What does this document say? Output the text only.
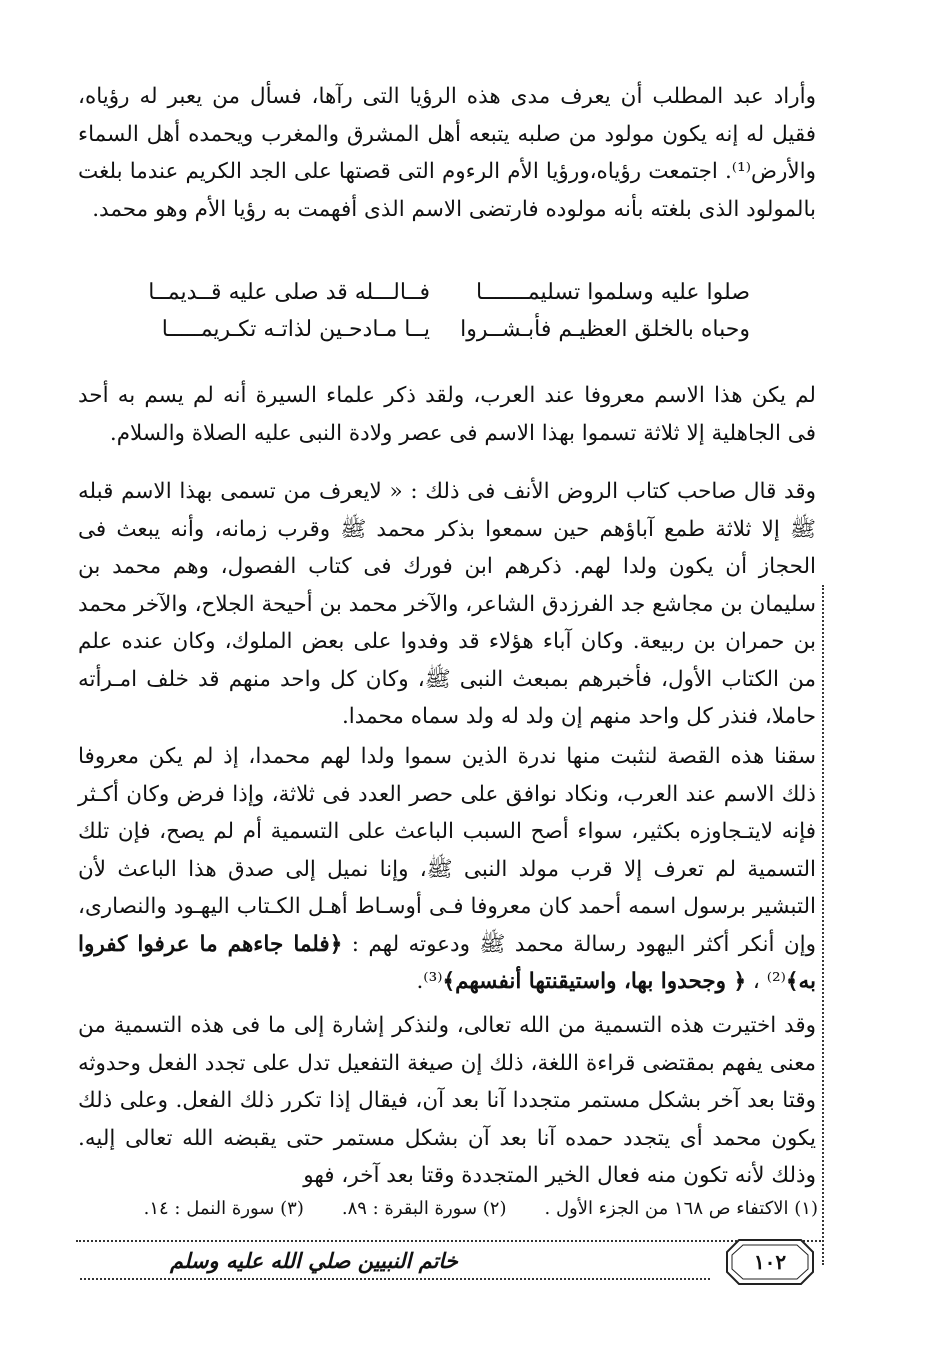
وأراد عبد المطلب أن يعرف مدى هذه الرؤيا التى رآها، فسأل من يعبر له رؤياه، فقيل له إنه يكون مولود من صلبه يتبعه أهل المشرق والمغرب ويحمده أهل السماء والأرض⁽¹⁾. اجتمعت رؤياه،ورؤيا الأم الرءوم التى قصتها على الجد الكريم عندما بلغت بالمولود الذى بلغته بأنه مولوده فارتضى الاسم الذى أفهمت به رؤيا الأم وهو محمد.

صلوا عليه وسلموا تسليمـــــــا
فــالـــله قد صلى عليه قــديمــا
وحباه بالخلق العظيـم فأبـشــروا
يــا مـادحـين لذاتـه تكـريمـــــا

لم يكن هذا الاسم معروفا عند العرب، ولقد ذكر علماء السيرة أنه لم يسم به أحد فى الجاهلية إلا ثلاثة تسموا بهذا الاسم فى عصر ولادة النبى عليه الصلاة والسلام.

وقد قال صاحب كتاب الروض الأنف فى ذلك : « لايعرف من تسمى بهذا الاسم قبله ﷺ إلا ثلاثة طمع آباؤهم حين سمعوا بذكر محمد ﷺ وقرب زمانه، وأنه يبعث فى الحجاز أن يكون ولدا لهم. ذكرهم ابن فورك فى كتاب الفصول، وهم محمد بن سليمان بن مجاشع جد الفرزدق الشاعر، والآخر محمد بن أحيحة الجلاح، والآخر محمد بن حمران بن ربيعة. وكان آباء هؤلاء قد وفدوا على بعض الملوك، وكان عنده علم من الكتاب الأول، فأخبرهم بمبعث النبى ﷺ، وكان كل واحد منهم قد خلف امـرأته حاملا، فنذر كل واحد منهم إن ولد له ولد سماه محمدا.

سقنا هذه القصة لنثبت منها ندرة الذين سموا ولدا لهم محمدا، إذ لم يكن معروفا ذلك الاسم عند العرب، ونكاد نوافق على حصر العدد فى ثلاثة، وإذا فرض وكان أكـثر فإنه لايتـجاوزه بكثير، سواء أصح السبب الباعث على التسمية أم لم يصح، فإن تلك التسمية لم تعرف إلا قرب مولد النبى ﷺ، وإنا نميل إلى صدق هذا الباعث لأن التبشير برسول اسمه أحمد كان معروفا فـى أوسـاط أهـل الكـتاب اليهـود والنصارى، وإن أنكر أكثر اليهود رسالة محمد ﷺ ودعوته لهم : ﴿فلما جاءهم ما عرفوا كفروا به﴾⁽²⁾ ، ﴿ وجحدوا بها، واستيقنتها أنفسهم﴾⁽³⁾.

وقد اختيرت هذه التسمية من الله تعالى، ولنذكر إشارة إلى ما فى هذه التسمية من معنى يفهم بمقتضى قراءة اللغة، ذلك إن صيغة التفعيل تدل على تجدد الفعل وحدوثه وقتا بعد آخر بشكل مستمر متجددا آنا بعد آن، فيقال إذا تكرر ذلك الفعل. وعلى ذلك يكون محمد أى يتجدد حمده آنا بعد آن بشكل مستمر حتى يقبضه الله تعالى إليه. وذلك لأنه تكون منه فعال الخير المتجددة وقتا بعد آخر، فهو

(١) الاكتفاء ص ١٦٨ من الجزء الأول .
(٢) سورة البقرة : ٨٩.
(٣) سورة النمل : ١٤.
خاتم النبيين صلي الله عليه وسلم	١٠٢
